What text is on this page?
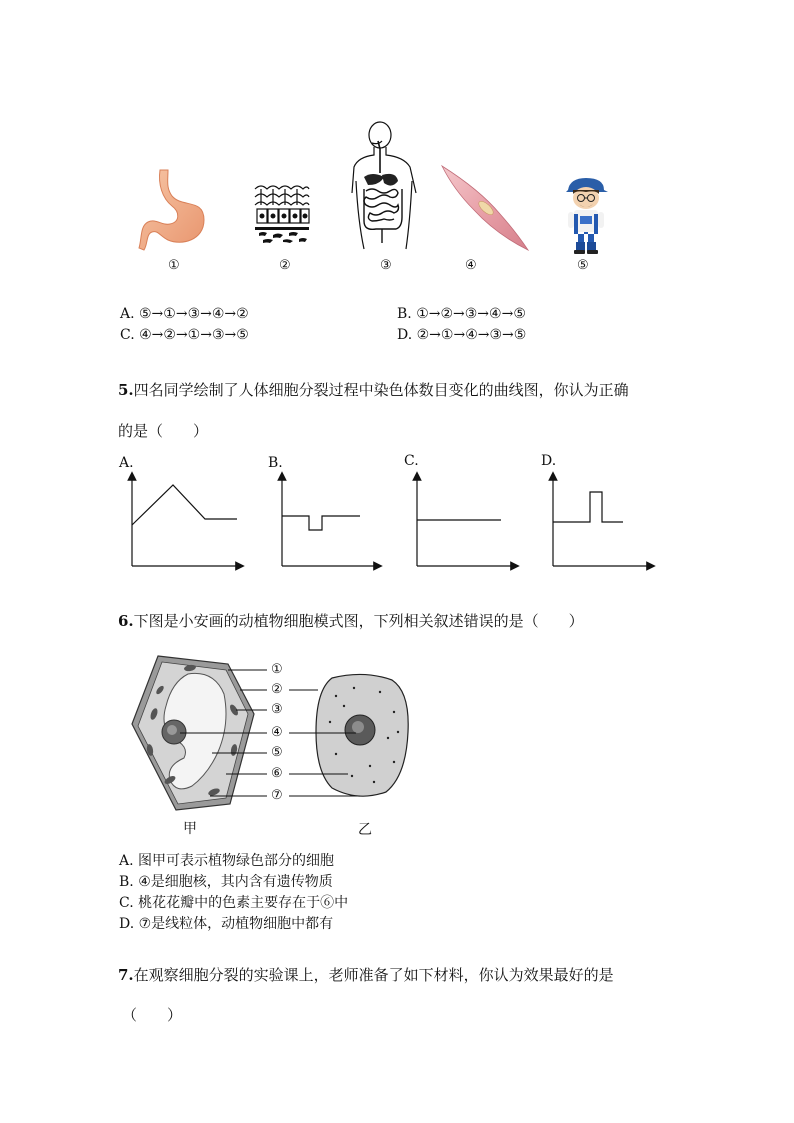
①	②	③	④	⑤
A. ⑤→①→③→④→②	B. ①→②→③→④→⑤
C. ④→②→①→③→⑤	D. ②→①→④→③→⑤
5.四名同学绘制了人体细胞分裂过程中染色体数目变化的曲线图，你认为正确
的是（　　）
A.	B.	C.	D.
6.下图是小安画的动植物细胞模式图，下列相关叙述错误的是（　　）
①
②
③
④
⑤
⑥
⑦
甲	乙
A. 图甲可表示植物绿色部分的细胞
B. ④是细胞核，其内含有遗传物质
C. 桃花花瓣中的色素主要存在于⑥中
D. ⑦是线粒体，动植物细胞中都有
7.在观察细胞分裂的实验课上，老师准备了如下材料，你认为效果最好的是
（　　）
